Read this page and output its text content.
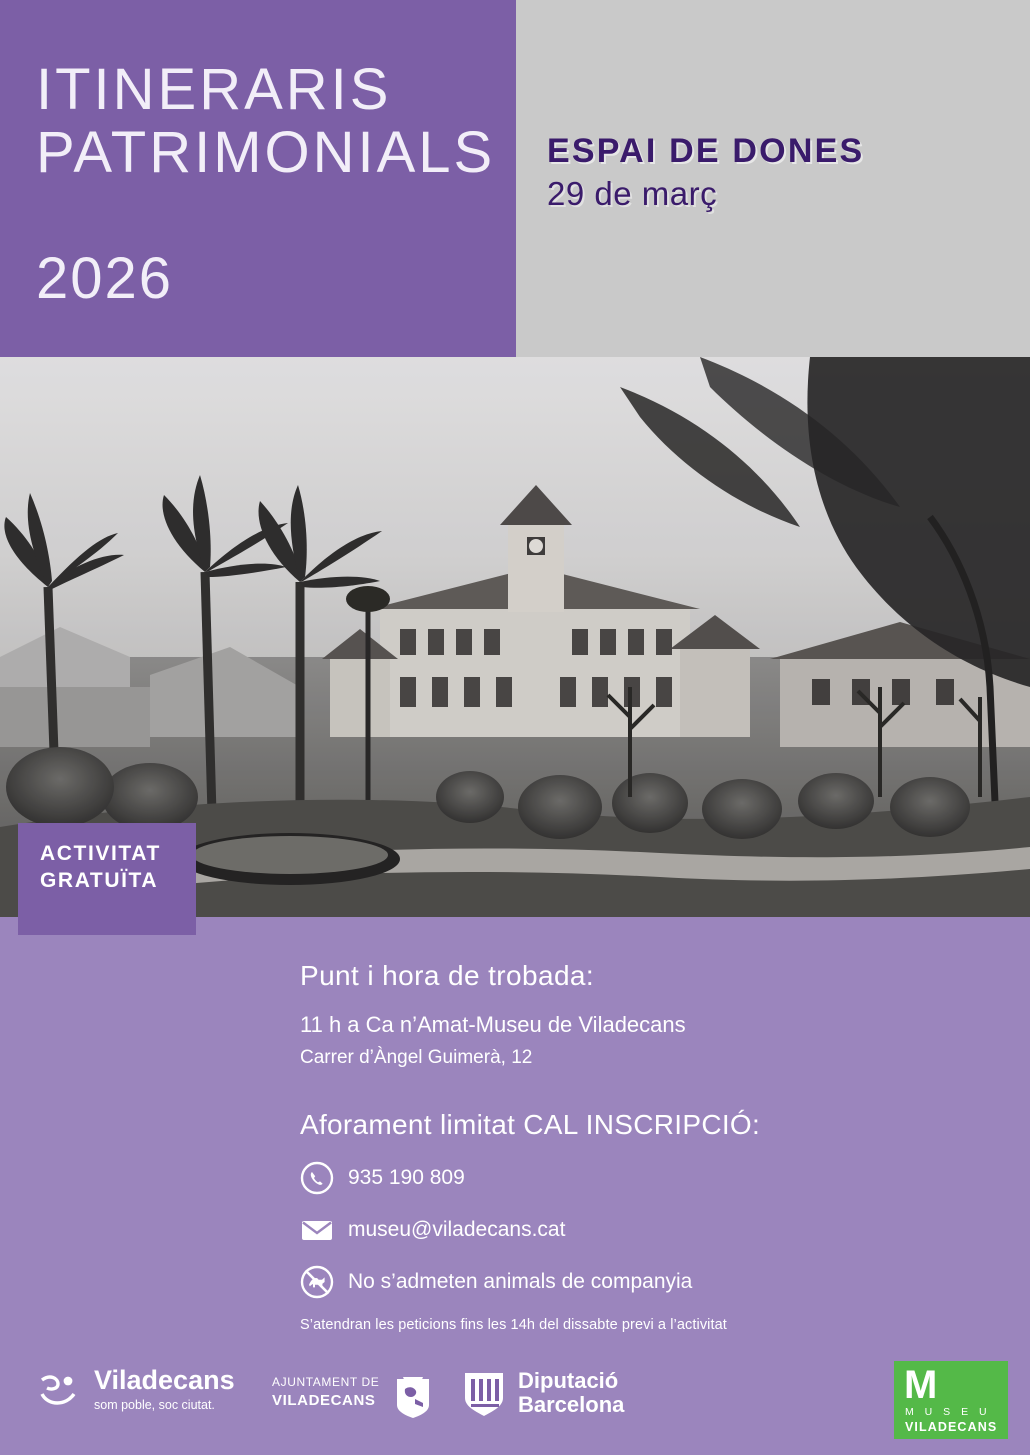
ITINERARIS
PATRIMONIALS
2026
ESPAI DE DONES
29 de març
ACTIVITAT
GRATUÏTA
Punt i hora de trobada:
11 h a Ca n’Amat-Museu de Viladecans
Carrer d’Àngel Guimerà, 12
Aforament limitat CAL INSCRIPCIÓ:
935 190 809
museu@viladecans.cat
No s’admeten animals de companyia
S’atendran les peticions fins les 14h del dissabte previ a l’activitat
Viladecans
som poble, soc ciutat.
AJUNTAMENT DE
VILADECANS
Diputació
Barcelona	M
M U S E U
VILADECANS
